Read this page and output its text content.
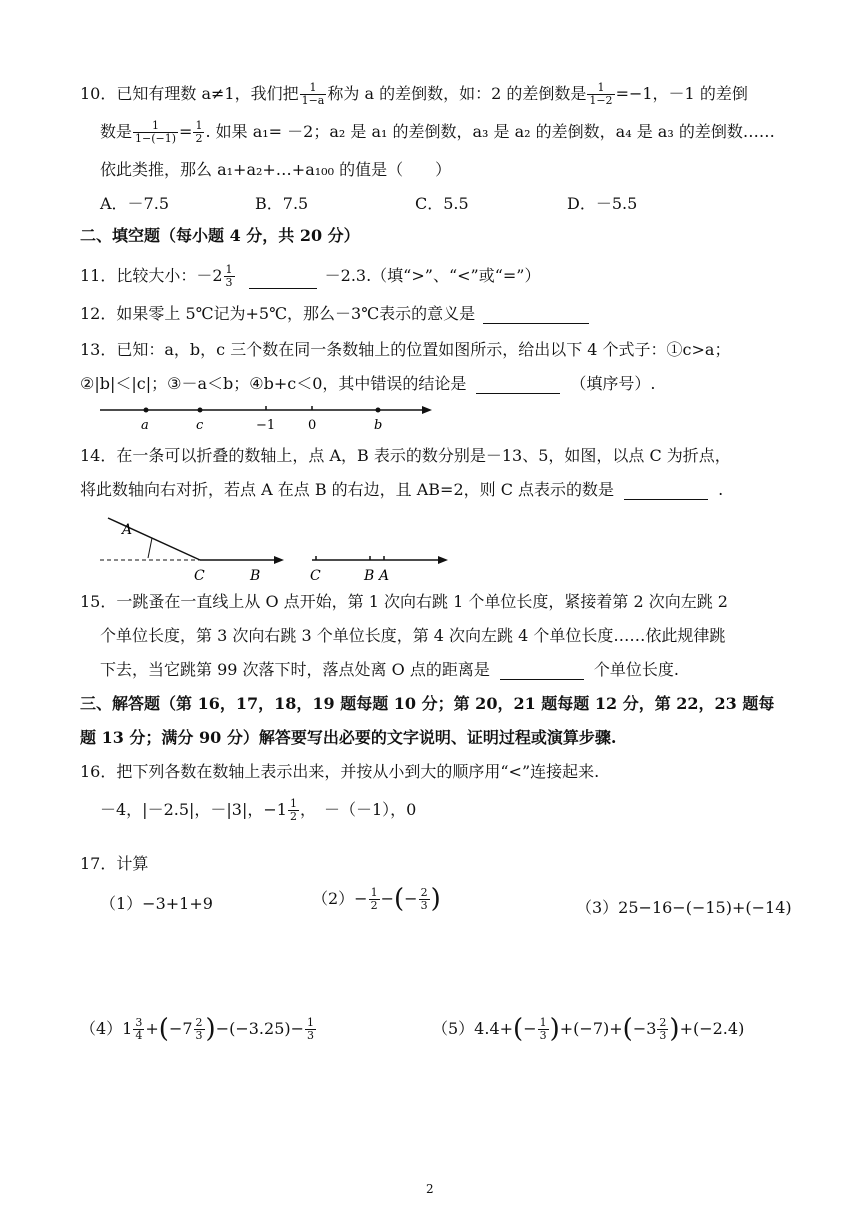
10．已知有理数 a≠1，我们把 $\frac{1}{1-a}$ 称为 a 的差倒数，如：2 的差倒数是 $\frac{1}{1-2} =-1$，－1 的差倒
数是 $\frac{1}{1-(-1)} = \frac{1}{2}$ . 如果 a₁= －2；a₂ 是 a₁ 的差倒数，a₃ 是 a₂ 的差倒数，a₄ 是 a₃ 的差倒数……
依此类推，那么 a₁+a₂+…+a₁₀₀ 的值是（　　）
A．－7.5	B．7.5	C．5.5	D．－5.5
二、填空题（每小题 4 分，共 20 分）
11．比较大小：$-2 \frac{1}{3}$	－2.3.（填“>”、“<”或“=”）
12．如果零上 5℃记为+5℃，那么－3℃表示的意义是
13．已知：a，b，c 三个数在同一条数轴上的位置如图所示，给出以下 4 个式子：①c>a；
②|b|＜|c|；③－a＜b；④b+c＜0，其中错误的结论是	（填序号）.
a	c	−1	0	b
14．在一条可以折叠的数轴上，点 A，B 表示的数分别是－13、5，如图，以点 C 为折点，
将此数轴向右对折，若点 A 在点 B 的右边，且 AB=2，则 C 点表示的数是	.
A
C	B	C	B A
15．一跳蚤在一直线上从 O 点开始，第 1 次向右跳 1 个单位长度，紧接着第 2 次向左跳 2
个单位长度，第 3 次向右跳 3 个单位长度，第 4 次向左跳 4 个单位长度……依此规律跳
下去，当它跳第 99 次落下时，落点处离 O 点的距离是	个单位长度.
三、解答题（第 16，17，18，19 题每题 10 分；第 20，21 题每题 12 分，第 22，23 题每
题 13 分；满分 90 分）解答要写出必要的文字说明、证明过程或演算步骤.
16．把下列各数在数轴上表示出来，并按从小到大的顺序用“<”连接起来.
－4，|－2.5|，－|3|，$-1 \frac{1}{2}$ ，　－（－1），0
17．计算
（1）−3+1+9	$(2)- \frac{1}{2}$ − ( − $\frac{2}{3}$ )	（3）25−16−(−15)+(−14)
$(4)1 \frac{3}{4}$ + ( $-7 \frac{2}{3}$ ) $-(-3.25)- \frac{1}{3}$	（5）4.4+ ( − $\frac{1}{3}$ ) +(−7)+ ( $-3 \frac{2}{3}$ ) +(−2.4)
2
